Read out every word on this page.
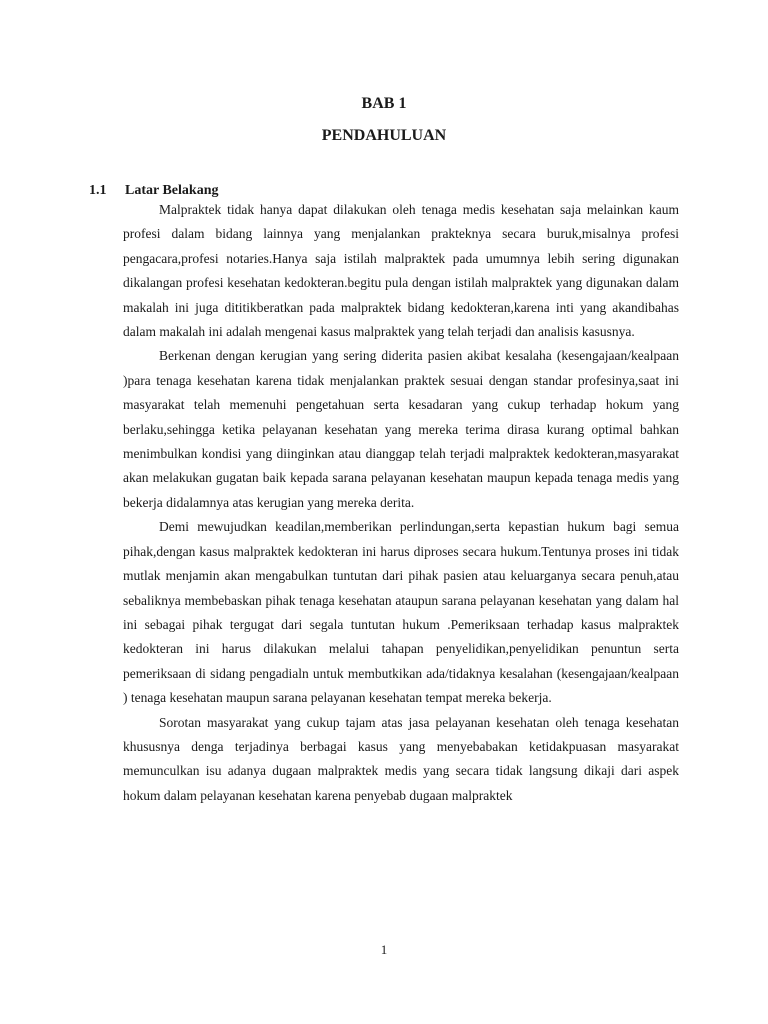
BAB 1
PENDAHULUAN
1.1	Latar Belakang

Malpraktek tidak hanya dapat dilakukan oleh tenaga medis kesehatan saja melainkan kaum profesi dalam bidang lainnya yang menjalankan prakteknya secara buruk,misalnya profesi pengacara,profesi notaries.Hanya saja istilah malpraktek pada umumnya lebih sering digunakan dikalangan profesi kesehatan kedokteran.begitu pula dengan istilah malpraktek yang digunakan dalam makalah ini juga dititikberatkan pada malpraktek bidang kedokteran,karena inti yang akandibahas dalam makalah ini adalah mengenai kasus malpraktek yang telah terjadi dan analisis kasusnya.

Berkenan dengan kerugian yang sering diderita pasien akibat kesalaha (kesengajaan/kealpaan )para tenaga kesehatan karena tidak menjalankan praktek sesuai dengan standar profesinya,saat ini masyarakat telah memenuhi pengetahuan serta kesadaran yang cukup terhadap hokum yang berlaku,sehingga ketika pelayanan kesehatan yang mereka terima dirasa kurang optimal bahkan menimbulkan kondisi yang diinginkan atau dianggap telah terjadi malpraktek kedokteran,masyarakat akan melakukan gugatan baik kepada sarana pelayanan kesehatan maupun kepada tenaga medis yang bekerja didalamnya atas kerugian yang mereka derita.

Demi mewujudkan keadilan,memberikan perlindungan,serta kepastian hukum bagi semua pihak,dengan kasus malpraktek kedokteran ini harus diproses secara hukum.Tentunya proses ini tidak mutlak menjamin akan mengabulkan tuntutan dari pihak pasien atau keluarganya secara penuh,atau sebaliknya membebaskan pihak tenaga kesehatan ataupun sarana pelayanan kesehatan yang dalam hal ini sebagai pihak tergugat dari segala tuntutan hukum .Pemeriksaan terhadap kasus malpraktek kedokteran ini harus dilakukan melalui tahapan penyelidikan,penyelidikan penuntun serta pemeriksaan di sidang pengadialn untuk membutkikan ada/tidaknya kesalahan (kesengajaan/kealpaan ) tenaga kesehatan maupun sarana pelayanan kesehatan tempat mereka bekerja.

Sorotan masyarakat yang cukup tajam atas jasa pelayanan kesehatan oleh tenaga kesehatan khususnya denga terjadinya berbagai kasus yang menyebabakan ketidakpuasan masyarakat memunculkan isu adanya dugaan malpraktek medis yang secara tidak langsung dikaji dari aspek hokum dalam pelayanan kesehatan karena penyebab dugaan malpraktek

1
